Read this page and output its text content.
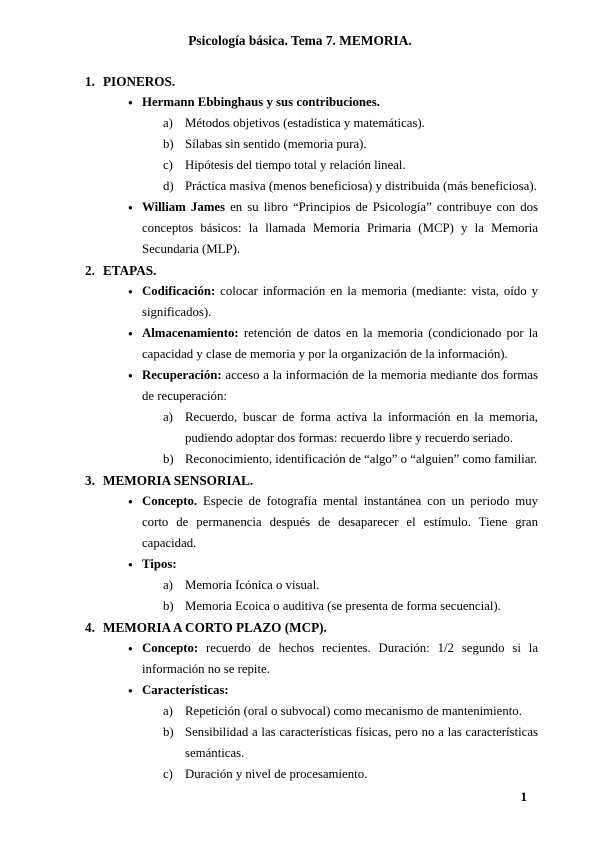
Psicología básica. Tema 7. MEMORIA.
1. PIONEROS.
● Hermann Ebbinghaus y sus contribuciones.
a) Métodos objetivos (estadística y matemáticas).
b) Sílabas sin sentido (memoria pura).
c) Hipótesis del tiempo total y relación lineal.
d) Práctica masiva (menos beneficiosa) y distribuida (más beneficiosa).
● William James en su libro “Principios de Psicología” contribuye con dos conceptos básicos: la llamada Memoria Primaria (MCP) y la Memoria Secundaria (MLP).
2. ETAPAS.
● Codificación: colocar información en la memoria (mediante: vista, oído y significados).
● Almacenamiento: retención de datos en la memoria (condicionado por la capacidad y clase de memoria y por la organización de la información).
● Recuperación: acceso a la información de la memoria mediante dos formas de recuperación:
a) Recuerdo, buscar de forma activa la información en la memoria, pudiendo adoptar dos formas: recuerdo libre y recuerdo seriado.
b) Reconocimiento, identificación de “algo” o “alguien” como familiar.
3. MEMORIA SENSORIAL.
● Concepto. Especie de fotografía mental instantánea con un periodo muy corto de permanencia después de desaparecer el estímulo. Tiene gran capacidad.
● Tipos:
a) Memoria Icónica o visual.
b) Memoria Ecoica o auditiva (se presenta de forma secuencial).
4. MEMORIA A CORTO PLAZO (MCP).
● Concepto: recuerdo de hechos recientes. Duración: 1/2 segundo si la información no se repite.
● Características:
a) Repetición (oral o subvocal) como mecanismo de mantenimiento.
b) Sensibilidad a las características físicas, pero no a las características semánticas.
c) Duración y nivel de procesamiento.
1
